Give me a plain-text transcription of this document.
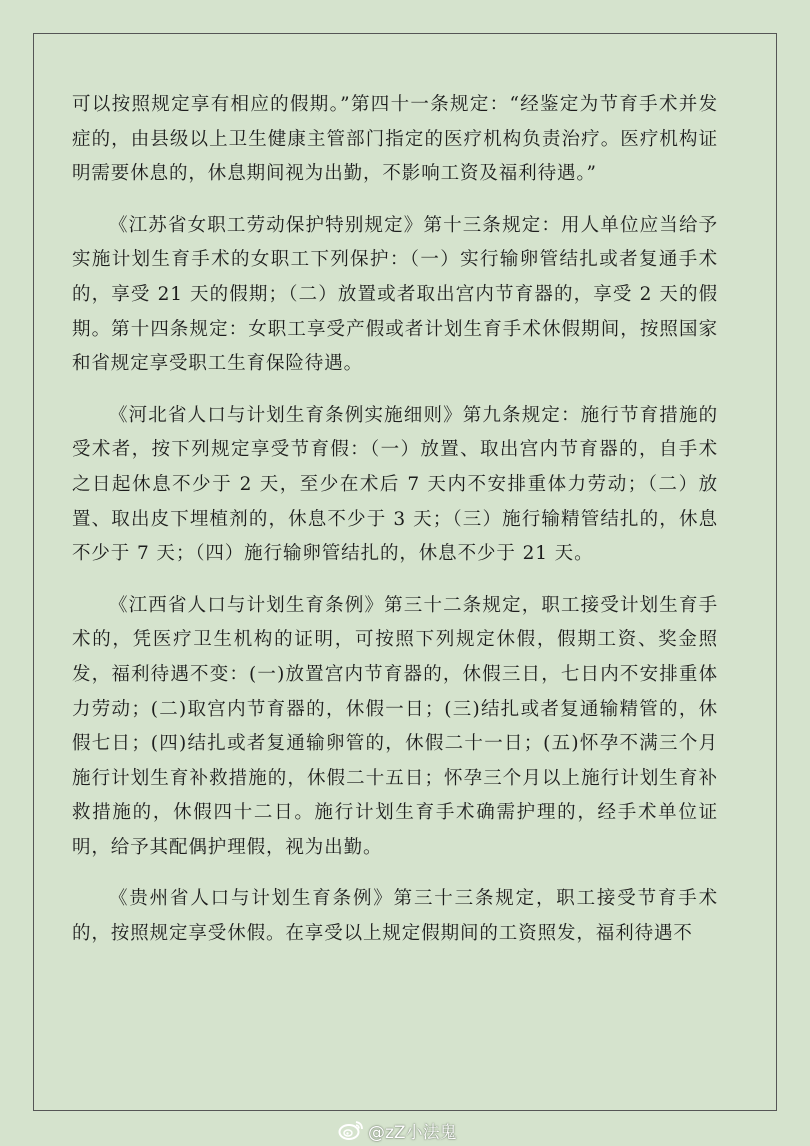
可以按照规定享有相应的假期。”第四十一条规定：“经鉴定为节育手术并发症的，由县级以上卫生健康主管部门指定的医疗机构负责治疗。医疗机构证明需要休息的，休息期间视为出勤，不影响工资及福利待遇。”

《江苏省女职工劳动保护特别规定》第十三条规定：用人单位应当给予实施计划生育手术的女职工下列保护：（一）实行输卵管结扎或者复通手术的，享受 21 天的假期；（二）放置或者取出宫内节育器的，享受 2 天的假期。第十四条规定：女职工享受产假或者计划生育手术休假期间，按照国家和省规定享受职工生育保险待遇。

《河北省人口与计划生育条例实施细则》第九条规定：施行节育措施的受术者，按下列规定享受节育假：（一）放置、取出宫内节育器的，自手术之日起休息不少于 2 天，至少在术后 7 天内不安排重体力劳动；（二）放置、取出皮下埋植剂的，休息不少于 3 天；（三）施行输精管结扎的，休息不少于 7 天；（四）施行输卵管结扎的，休息不少于 21 天。

《江西省人口与计划生育条例》第三十二条规定，职工接受计划生育手术的，凭医疗卫生机构的证明，可按照下列规定休假，假期工资、奖金照发，福利待遇不变：(一)放置宫内节育器的，休假三日，七日内不安排重体力劳动；(二)取宫内节育器的，休假一日；(三)结扎或者复通输精管的，休假七日；(四)结扎或者复通输卵管的，休假二十一日；(五)怀孕不满三个月施行计划生育补救措施的，休假二十五日；怀孕三个月以上施行计划生育补救措施的，休假四十二日。施行计划生育手术确需护理的，经手术单位证明，给予其配偶护理假，视为出勤。

《贵州省人口与计划生育条例》第三十三条规定，职工接受节育手术的，按照规定享受休假。在享受以上规定假期间的工资照发，福利待遇不

@zZ小法鬼
